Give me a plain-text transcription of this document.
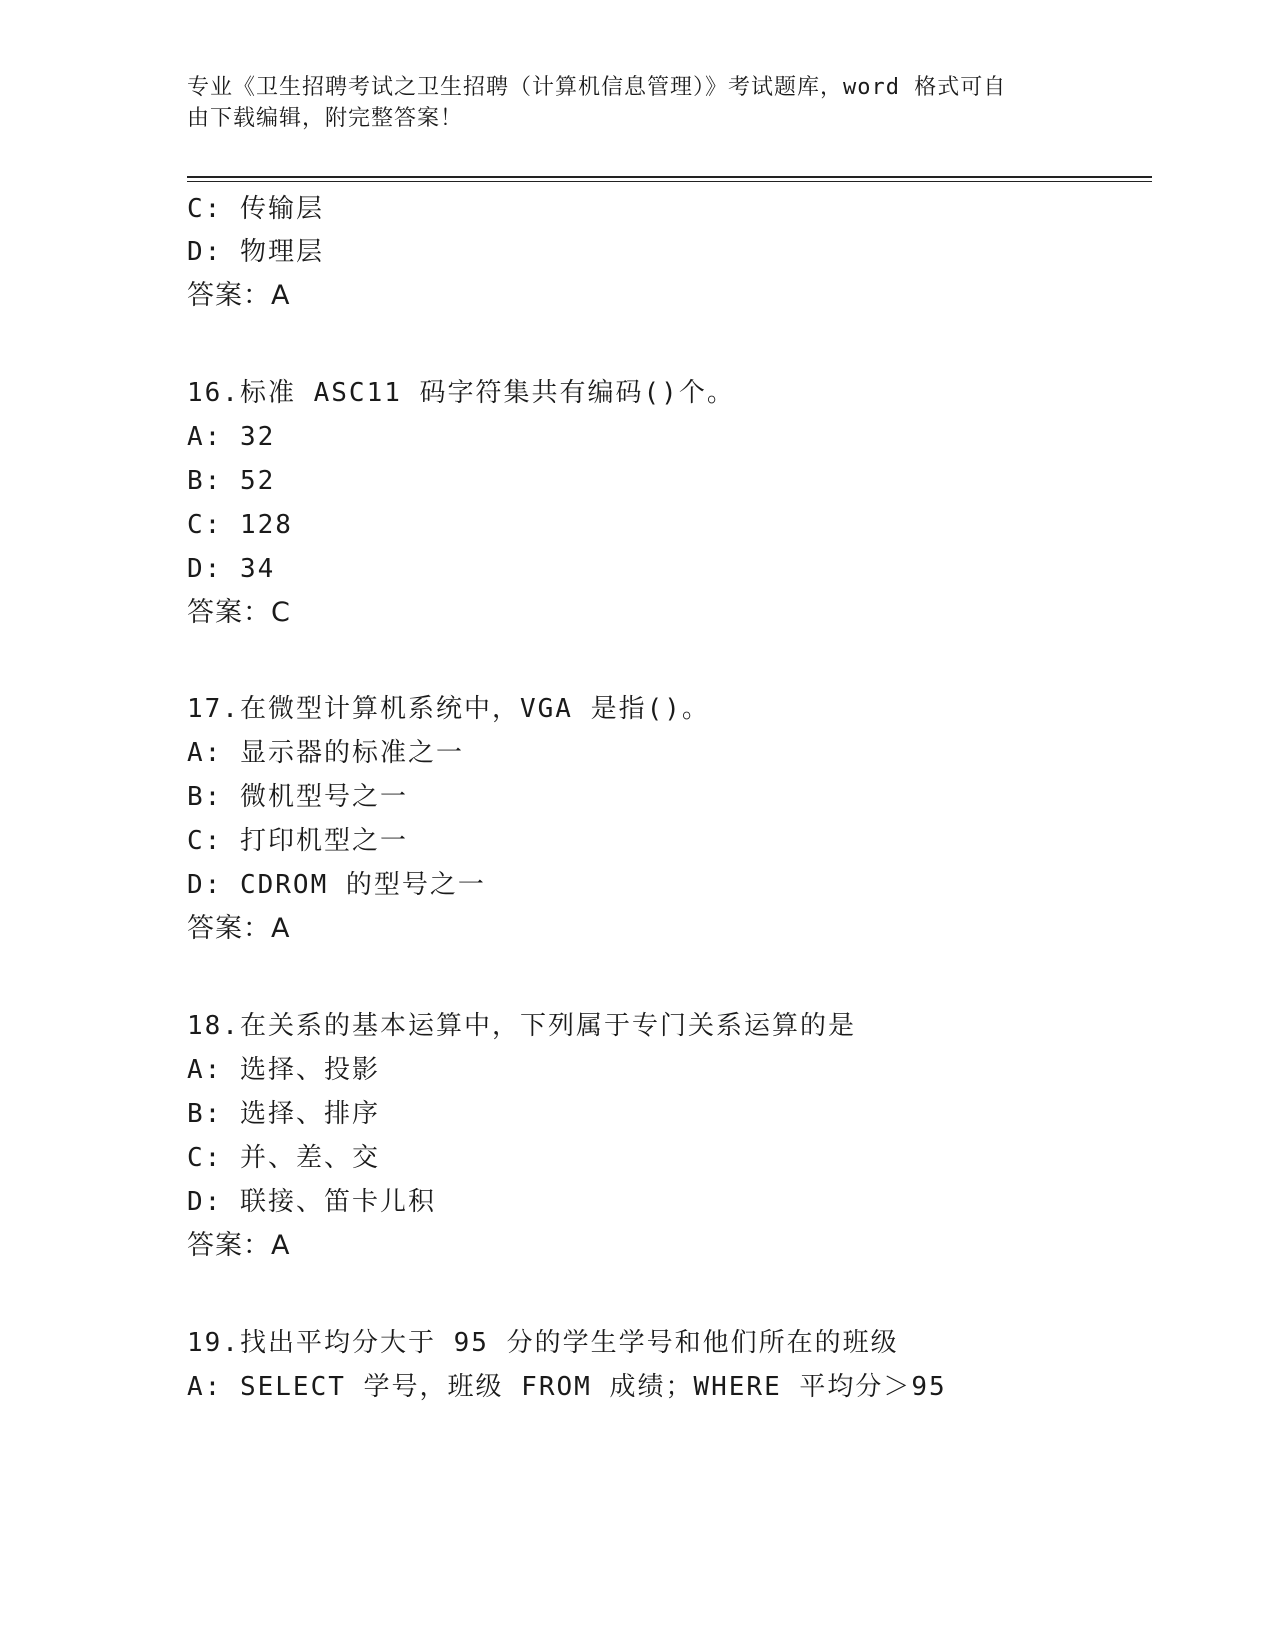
专业《卫生招聘考试之卫生招聘（计算机信息管理）》考试题库，word 格式可自
由下载编辑，附完整答案！
C: 传输层
D: 物理层
答案：A
16.标准 ASC11 码字符集共有编码()个。
A: 32
B: 52
C: 128
D: 34
答案：C
17.在微型计算机系统中，VGA 是指()。
A: 显示器的标准之一
B: 微机型号之一
C: 打印机型之一
D: CDROM 的型号之一
答案：A
18.在关系的基本运算中，下列属于专门关系运算的是
A: 选择、投影
B: 选择、排序
C: 并、差、交
D: 联接、笛卡儿积
答案：A
19.找出平均分大于 95 分的学生学号和他们所在的班级
A: SELECT 学号，班级 FROM 成绩；WHERE 平均分＞95
